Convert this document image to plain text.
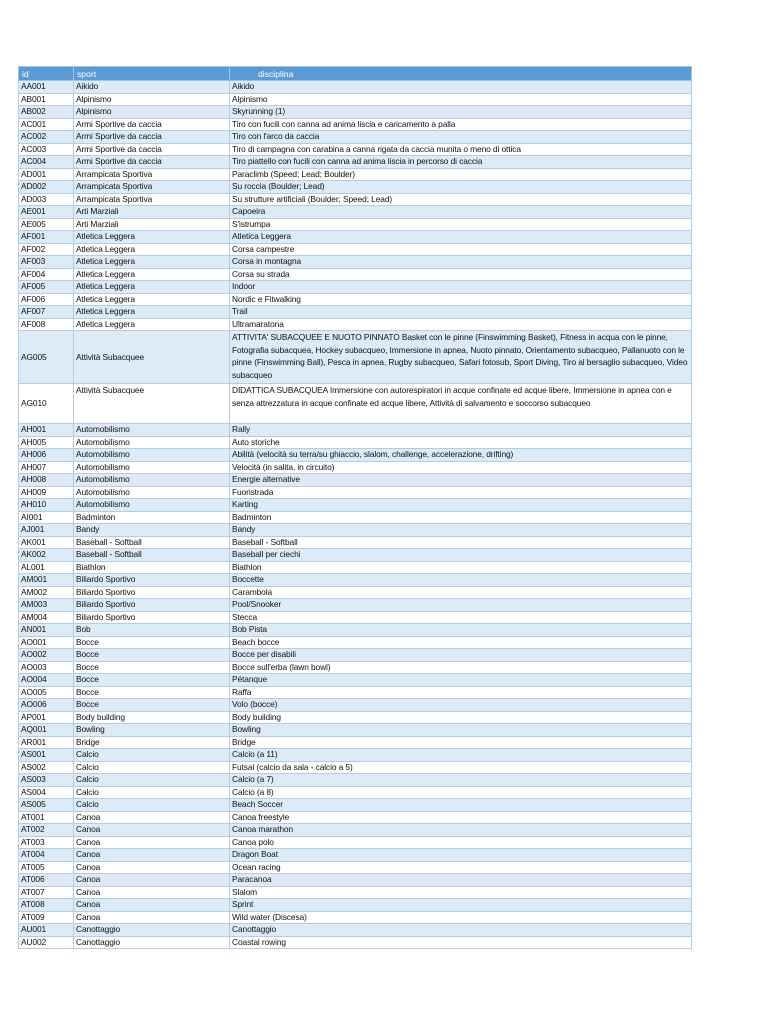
id	sport	disciplina
AA001	Aikido	Aikido
AB001	Alpinismo	Alpinismo
AB002	Alpinismo	Skyrunning (1)
AC001	Armi Sportive da caccia	Tiro con fucili con canna ad anima liscia e caricamento a palla
AC002	Armi Sportive da caccia	Tiro con l'arco da caccia
AC003	Armi Sportive da caccia	Tiro di campagna con carabina a canna rigata da caccia munita o meno di ottica
AC004	Armi Sportive da caccia	Tiro piattello con fucili con canna ad anima liscia in percorso di caccia
AD001	Arrampicata Sportiva	Paraclimb (Speed; Lead; Boulder)
AD002	Arrampicata Sportiva	Su roccia (Boulder; Lead)
AD003	Arrampicata Sportiva	Su strutture artificiali (Boulder; Speed; Lead)
AE001	Arti Marziali	Capoeira
AE005	Arti Marziali	S'istrumpa
AF001	Atletica Leggera	Atletica Leggera
AF002	Atletica Leggera	Corsa campestre
AF003	Atletica Leggera	Corsa in montagna
AF004	Atletica Leggera	Corsa su strada
AF005	Atletica Leggera	Indoor
AF006	Atletica Leggera	Nordic e Fitwalking
AF007	Atletica Leggera	Trail
AF008	Atletica Leggera	Ultramaratona
AG005	Attività Subacquee	ATTIVITA' SUBACQUEE E NUOTO PINNATO Basket con le pinne (Finswimming Basket), Fitness in acqua con le pinne, Fotografia subacquea, Hockey subacqueo, Immersione in apnea, Nuoto pinnato, Orientamento subacqueo, Pallanuoto con le pinne (Finswimming Ball), Pesca in apnea, Rugby subacqueo, Safari fotosub, Sport Diving, Tiro al bersaglio subacqueo, Video subacqueo
AG010	Attività Subacquee	DIDATTICA SUBACQUEA Immersione con autorespiratori in acque confinate ed acque libere, Immersione in apnea con e senza attrezzatura in acque confinate ed acque libere, Attività di salvamento e soccorso subacqueo
AH001	Automobilismo	Rally
AH005	Automobilismo	Auto storiche
AH006	Automobilismo	Abilità (velocità su terra/su ghiaccio, slalom, challenge, accelerazione, drifting)
AH007	Automobilismo	Velocità (in salita, in circuito)
AH008	Automobilismo	Energie alternative
AH009	Automobilismo	Fuoristrada
AH010	Automobilismo	Karting
AI001	Badminton	Badminton
AJ001	Bandy	Bandy
AK001	Baseball - Softball	Baseball - Softball
AK002	Baseball - Softball	Baseball per ciechi
AL001	Biathlon	Biathlon
AM001	Biliardo Sportivo	Boccette
AM002	Biliardo Sportivo	Carambola
AM003	Biliardo Sportivo	Pool/Snooker
AM004	Biliardo Sportivo	Stecca
AN001	Bob	Bob Pista
AO001	Bocce	Beach bocce
AO002	Bocce	Bocce per disabili
AO003	Bocce	Bocce sull'erba (lawn bowl)
AO004	Bocce	Pétanque
AO005	Bocce	Raffa
AO006	Bocce	Volo (bocce)
AP001	Body building	Body building
AQ001	Bowling	Bowling
AR001	Bridge	Bridge
AS001	Calcio	Calcio (a 11)
AS002	Calcio	Futsal (calcio da sala - calcio a 5)
AS003	Calcio	Calcio (a 7)
AS004	Calcio	Calcio (a 8)
AS005	Calcio	Beach Soccer
AT001	Canoa	Canoa freestyle
AT002	Canoa	Canoa marathon
AT003	Canoa	Canoa polo
AT004	Canoa	Dragon Boat
AT005	Canoa	Ocean racing
AT006	Canoa	Paracanoa
AT007	Canoa	Slalom
AT008	Canoa	Sprint
AT009	Canoa	Wild water (Discesa)
AU001	Canottaggio	Canottaggio
AU002	Canottaggio	Coastal rowing
